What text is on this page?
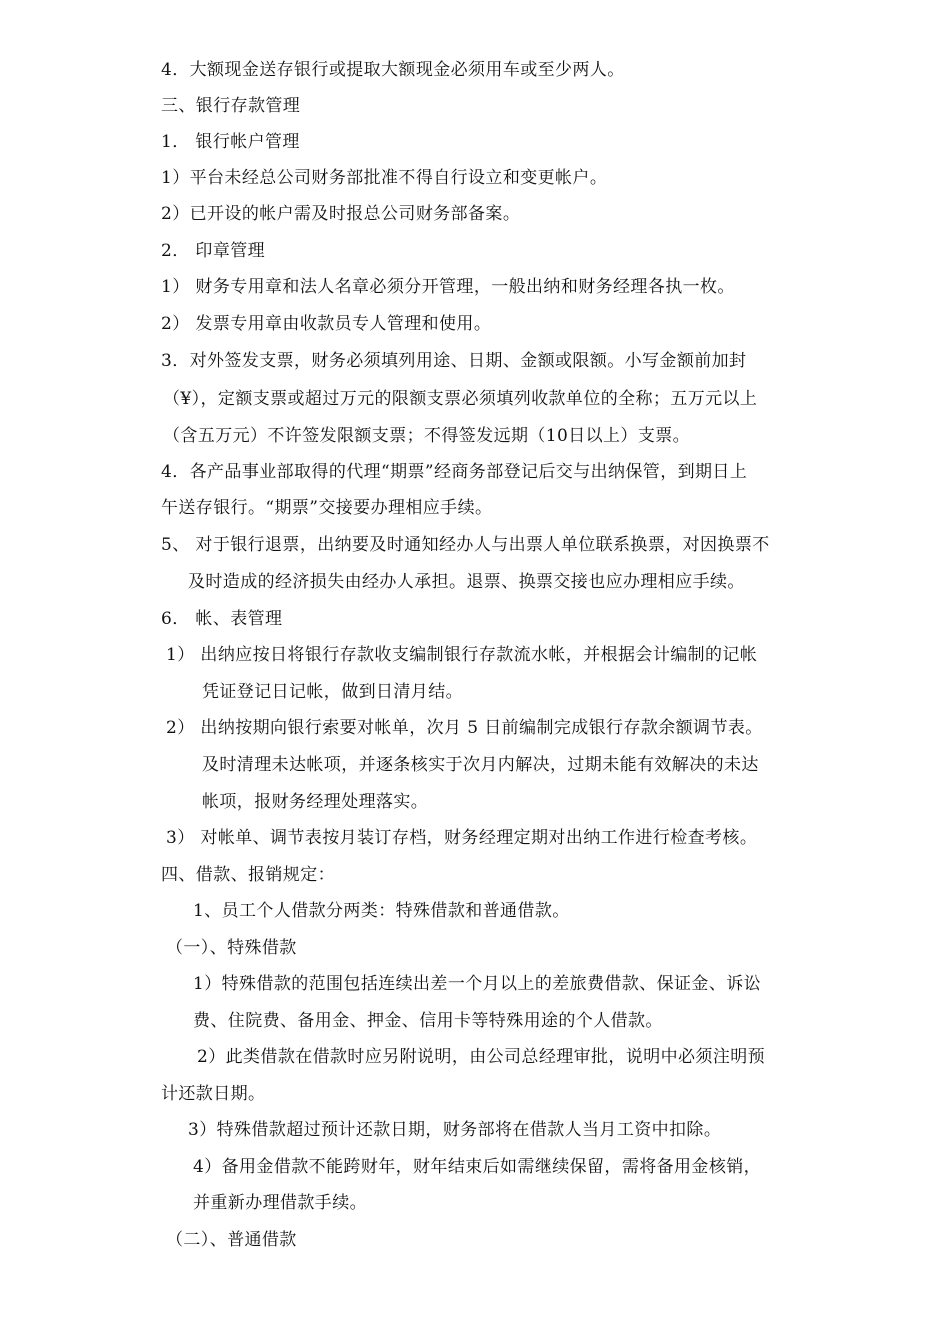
4．大额现金送存银行或提取大额现金必须用车或至少两人。
三、银行存款管理
1． 银行帐户管理
1）平台未经总公司财务部批准不得自行设立和变更帐户。
2）已开设的帐户需及时报总公司财务部备案。
2． 印章管理
1） 财务专用章和法人名章必须分开管理，一般出纳和财务经理各执一枚。
2） 发票专用章由收款员专人管理和使用。
3．对外签发支票，财务必须填列用途、日期、金额或限额。小写金额前加封
（¥），定额支票或超过万元的限额支票必须填列收款单位的全称；五万元以上
（含五万元）不许签发限额支票；不得签发远期（10日以上）支票。
4．各产品事业部取得的代理“期票”经商务部登记后交与出纳保管，到期日上
午送存银行。“期票”交接要办理相应手续。
5、 对于银行退票，出纳要及时通知经办人与出票人单位联系换票，对因换票不
及时造成的经济损失由经办人承担。退票、换票交接也应办理相应手续。
6． 帐、表管理
1） 出纳应按日将银行存款收支编制银行存款流水帐，并根据会计编制的记帐
凭证登记日记帐，做到日清月结。
2） 出纳按期向银行索要对帐单，次月 5 日前编制完成银行存款余额调节表。
及时清理未达帐项，并逐条核实于次月内解决，过期未能有效解决的未达
帐项，报财务经理处理落实。
3） 对帐单、调节表按月装订存档，财务经理定期对出纳工作进行检查考核。
四、借款、报销规定：
1、员工个人借款分两类：特殊借款和普通借款。
（一）、特殊借款
1）特殊借款的范围包括连续出差一个月以上的差旅费借款、保证金、诉讼
费、住院费、备用金、押金、信用卡等特殊用途的个人借款。
2）此类借款在借款时应另附说明，由公司总经理审批，说明中必须注明预
计还款日期。
3）特殊借款超过预计还款日期，财务部将在借款人当月工资中扣除。
4）备用金借款不能跨财年，财年结束后如需继续保留，需将备用金核销，
并重新办理借款手续。
（二）、普通借款
